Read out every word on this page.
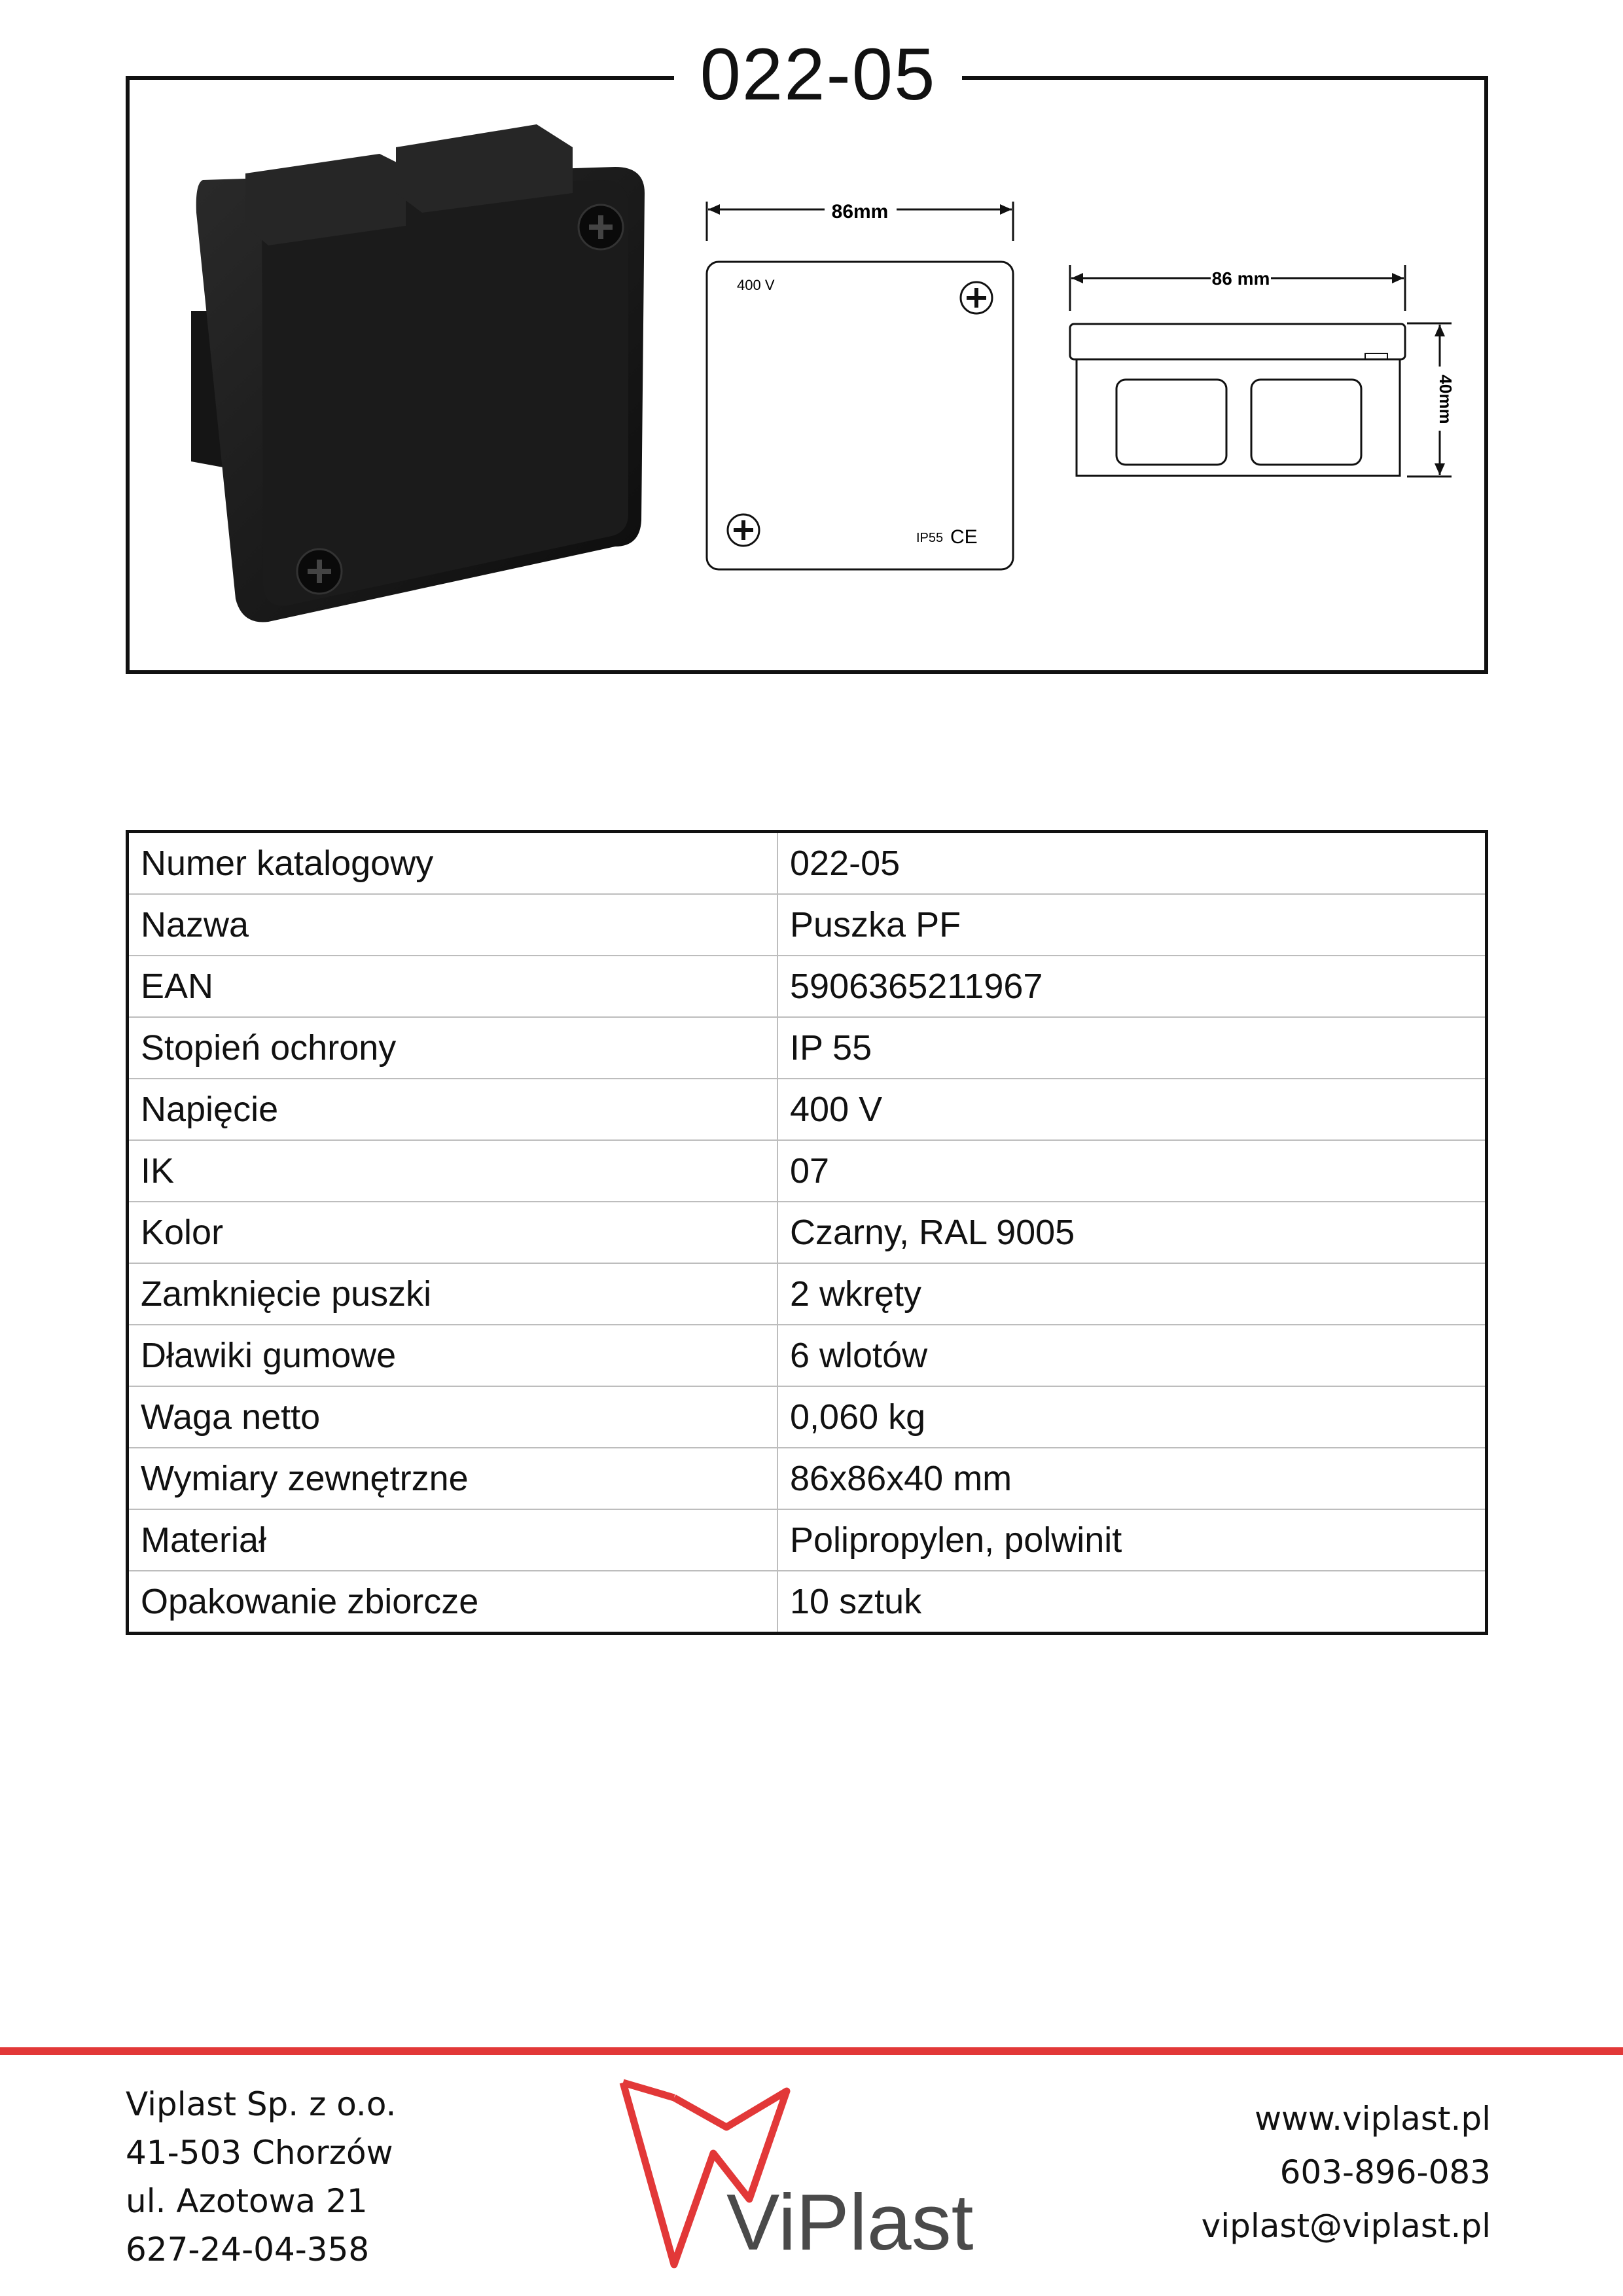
022-05
86mm
400 V
IP55 CE
86 mm
40mm
Numer katalogowy	022-05
Nazwa	Puszka PF
EAN	5906365211967
Stopień ochrony	IP 55
Napięcie	400 V
IK	07
Kolor	Czarny, RAL 9005
Zamknięcie puszki	2 wkręty
Dławiki gumowe	6 wlotów
Waga netto	0,060 kg
Wymiary zewnętrzne	86x86x40 mm
Materiał	Polipropylen, polwinit
Opakowanie zbiorcze	10 sztuk
Viplast Sp. z o.o.
41-503 Chorzów
ul. Azotowa 21
627-24-04-358	ViPlast
www.viplast.pl
603-896-083
viplast@viplast.pl
